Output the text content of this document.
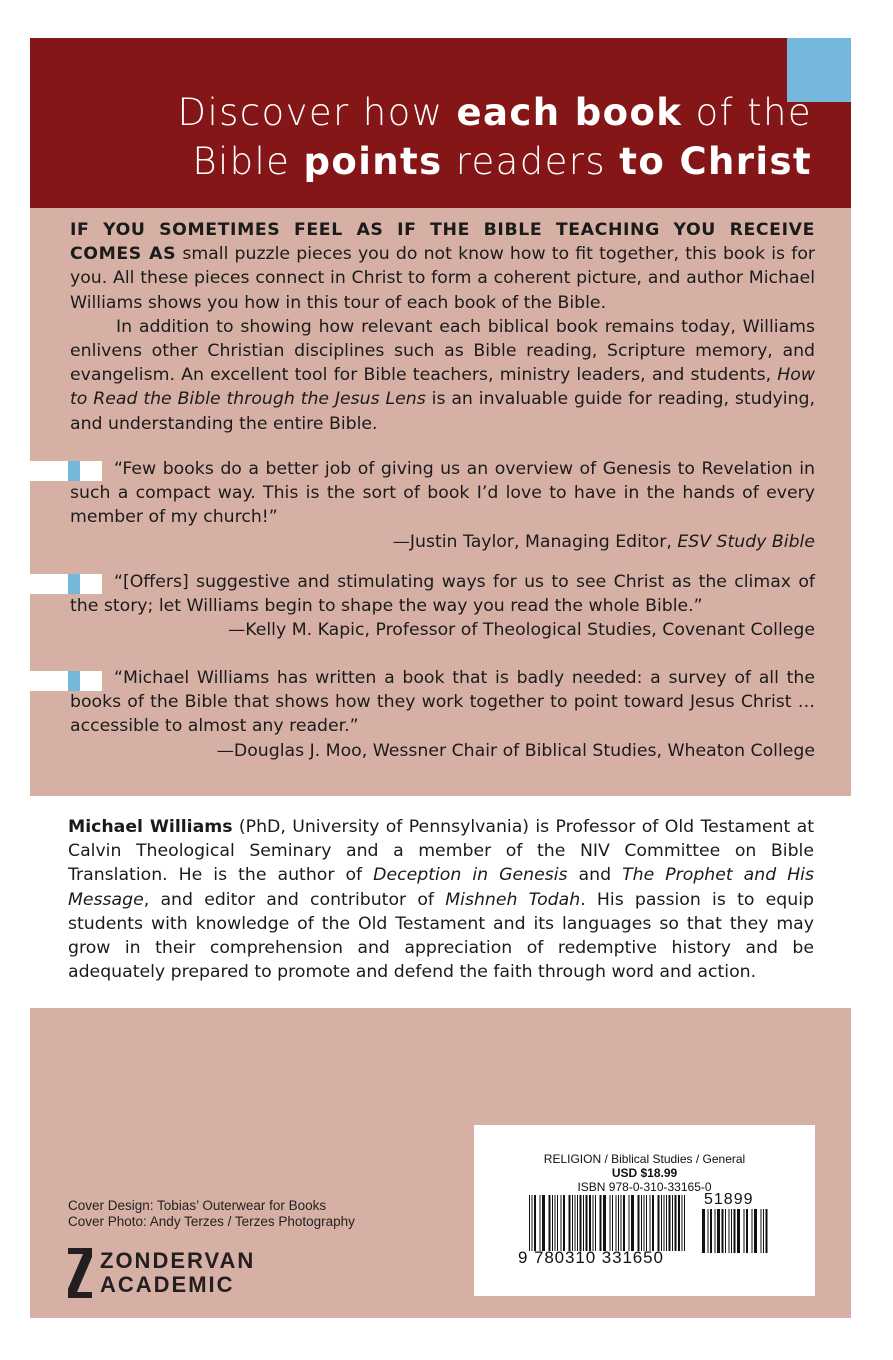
Discover how each book of the
Bible points readers to Christ

IF YOU SOMETIMES FEEL AS IF THE BIBLE TEACHING YOU RECEIVE COMES AS small puzzle pieces you do not know how to fit together, this book is for you. All these pieces connect in Christ to form a coherent picture, and author Michael Williams shows you how in this tour of each book of the Bible.

In addition to showing how relevant each biblical book remains today, Williams enlivens other Christian disciplines such as Bible reading, Scripture memory, and evangelism. An excellent tool for Bible teachers, ministry leaders, and students, How to Read the Bible through the Jesus Lens is an invaluable guide for reading, studying, and understanding the entire Bible.

“Few books do a better job of giving us an overview of Genesis to Revelation in such a compact way. This is the sort of book I’d love to have in the hands of every member of my church!”

—Justin Taylor, Managing Editor, ESV Study Bible

“[Offers] suggestive and stimulating ways for us to see Christ as the climax of the story; let Williams begin to shape the way you read the whole Bible.”

—Kelly M. Kapic, Professor of Theological Studies, Covenant College

“Michael Williams has written a book that is badly needed: a survey of all the books of the Bible that shows how they work together to point toward Jesus Christ … accessible to almost any reader.”

—Douglas J. Moo, Wessner Chair of Biblical Studies, Wheaton College

Michael Williams (PhD, University of Pennsylvania) is Professor of Old Testament at Calvin Theological Seminary and a member of the NIV Committee on Bible Translation. He is the author of Deception in Genesis and The Prophet and His Message, and editor and contributor of Mishneh Todah. His passion is to equip students with knowledge of the Old Testament and its languages so that they may grow in their comprehension and appreciation of redemptive history and be adequately prepared to promote and defend the faith through word and action.

Cover Design: Tobias’ Outerwear for Books
Cover Photo: Andy Terzes / Terzes Photography
ZONDERVAN
ACADEMIC
RELIGION / Biblical Studies / General
USD $18.99
ISBN 978-0-310-33165-0
51899
9 780310 331650
